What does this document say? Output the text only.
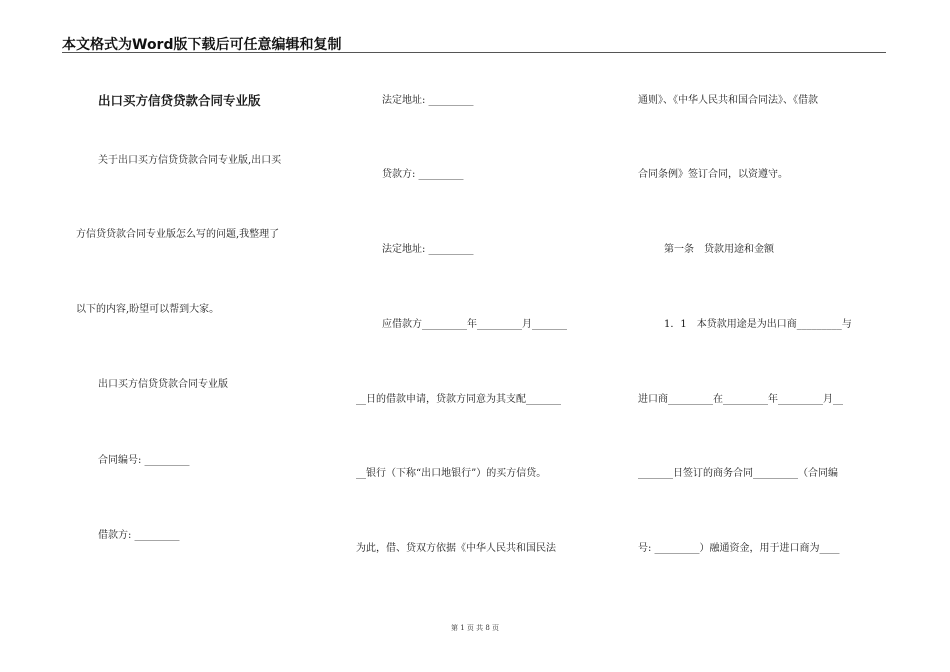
本文格式为Word版下载后可任意编辑和复制
出口买方信贷贷款合同专业版
关于出口买方信贷贷款合同专业版,出口买
方信贷贷款合同专业版怎么写的问题,我整理了
以下的内容,盼望可以帮到大家。
出口买方信贷贷款合同专业版
合同编号: _________
借款方: _________
法定地址: _________
贷款方: _________
法定地址: _________
应借款方_________年_________月_______
__日的借款申请，贷款方同意为其支配_______
__银行（下称“出口地银行”）的买方信贷。
为此，借、贷双方依据《中华人民共和国民法
通则》、《中华人民共和国合同法》、《借款
合同条例》签订合同，以资遵守。
第一条　贷款用途和金额
1．1　本贷款用途是为出口商_________与
进口商_________在_________年_________月__
_______日签订的商务合同_________（合同编
号: _________）融通资金，用于进口商为____
第 1 页 共 8 页
